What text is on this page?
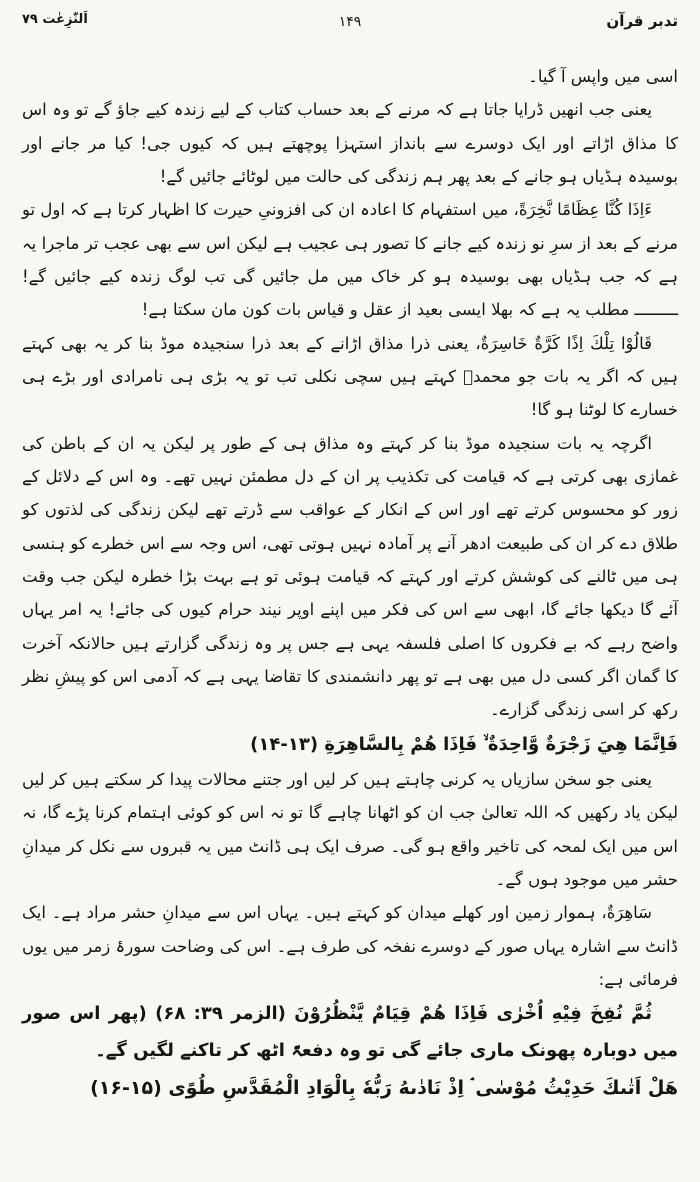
تدبر قرآن
۱۴۹
اَلنّٰزِعٰت ۷۹

اسی میں واپس آ گیا۔

یعنی جب انھیں ڈرایا جاتا ہے کہ مرنے کے بعد حساب کتاب کے لیے زندہ کیے جاؤ گے تو وہ اس کا مذاق اڑاتے اور ایک دوسرے سے بانداز استہزا پوچھتے ہیں کہ کیوں جی! کیا مر جانے اور بوسیدہ ہڈیاں ہو جانے کے بعد پھر ہم زندگی کی حالت میں لوٹائے جائیں گے!

ءَاِذَا كُنَّا عِظَامًا نَّخِرَةً، میں استفہام کا اعادہ ان کی افزونیِ حیرت کا اظہار کرتا ہے کہ اول تو مرنے کے بعد از سرِ نو زندہ کیے جانے کا تصور ہی عجیب ہے لیکن اس سے بھی عجب تر ماجرا یہ ہے کہ جب ہڈیاں بھی بوسیدہ ہو کر خاک میں مل جائیں گی تب لوگ زندہ کیے جائیں گے! ـــــــــ مطلب یہ ہے کہ بھلا ایسی بعید از عقل و قیاس بات کون مان سکتا ہے!

قَالُوْا تِلْكَ اِذًا كَرَّةٌ خَاسِرَةٌ، یعنی ذرا مذاق اڑانے کے بعد ذرا سنجیدہ موڈ بنا کر یہ بھی کہتے ہیں کہ اگر یہ بات جو محمدؐ کہتے ہیں سچی نکلی تب تو یہ بڑی ہی نامرادی اور بڑے ہی خسارے کا لوٹنا ہو گا!

اگرچہ یہ بات سنجیدہ موڈ بنا کر کہتے وہ مذاق ہی کے طور پر لیکن یہ ان کے باطن کی غمازی بھی کرتی ہے کہ قیامت کی تکذیب پر ان کے دل مطمئن نہیں تھے۔ وہ اس کے دلائل کے زور کو محسوس کرتے تھے اور اس کے انکار کے عواقب سے ڈرتے تھے لیکن زندگی کی لذتوں کو طلاق دے کر ان کی طبیعت ادھر آنے پر آمادہ نہیں ہوتی تھی، اس وجہ سے اس خطرے کو ہنسی ہی میں ٹالنے کی کوشش کرتے اور کہتے کہ قیامت ہوئی تو ہے بہت بڑا خطرہ لیکن جب وقت آئے گا دیکھا جائے گا، ابھی سے اس کی فکر میں اپنے اوپر نیند حرام کیوں کی جائے! یہ امر یہاں واضح رہے کہ بے فکروں کا اصلی فلسفہ یہی ہے جس پر وہ زندگی گزارتے ہیں حالانکہ آخرت کا گمان اگر کسی دل میں بھی ہے تو پھر دانشمندی کا تقاضا یہی ہے کہ آدمی اس کو پیشِ نظر رکھ کر اسی زندگی گزارے۔

فَاِنَّمَا هِيَ زَجْرَةٌ وَّاحِدَةٌ ۙ فَاِذَا هُمْ بِالسَّاهِرَةِ (۱۳-۱۴)

یعنی جو سخن سازیاں یہ کرنی چاہتے ہیں کر لیں اور جتنے محالات پیدا کر سکتے ہیں کر لیں لیکن یاد رکھیں کہ اللہ تعالیٰ جب ان کو اٹھانا چاہے گا تو نہ اس کو کوئی اہتمام کرنا پڑے گا، نہ اس میں ایک لمحہ کی تاخیر واقع ہو گی۔ صرف ایک ہی ڈانٹ میں یہ قبروں سے نکل کر میدانِ حشر میں موجود ہوں گے۔

سَاهِرَةٌ، ہموار زمین اور کھلے میدان کو کہتے ہیں۔ یہاں اس سے میدانِ حشر مراد ہے۔ ایک ڈانٹ سے اشارہ یہاں صور کے دوسرے نفخہ کی طرف ہے۔ اس کی وضاحت سورۂ زمر میں یوں فرمائی ہے:

ثُمَّ نُفِخَ فِيْهِ اُخْرٰى فَاِذَا هُمْ قِيَامٌ يَّنْظُرُوْنَ (الزمر ۳۹: ۶۸) (پھر اس صور میں دوبارہ پھونک ماری جائے گی تو وہ دفعۃً اٹھ کر تاکنے لگیں گے۔

هَلْ اَتٰىكَ حَدِيْثُ مُوْسٰى ۘ اِذْ نَادٰىهُ رَبُّهٗ بِالْوَادِ الْمُقَدَّسِ طُوًى (۱۵-۱۶)
